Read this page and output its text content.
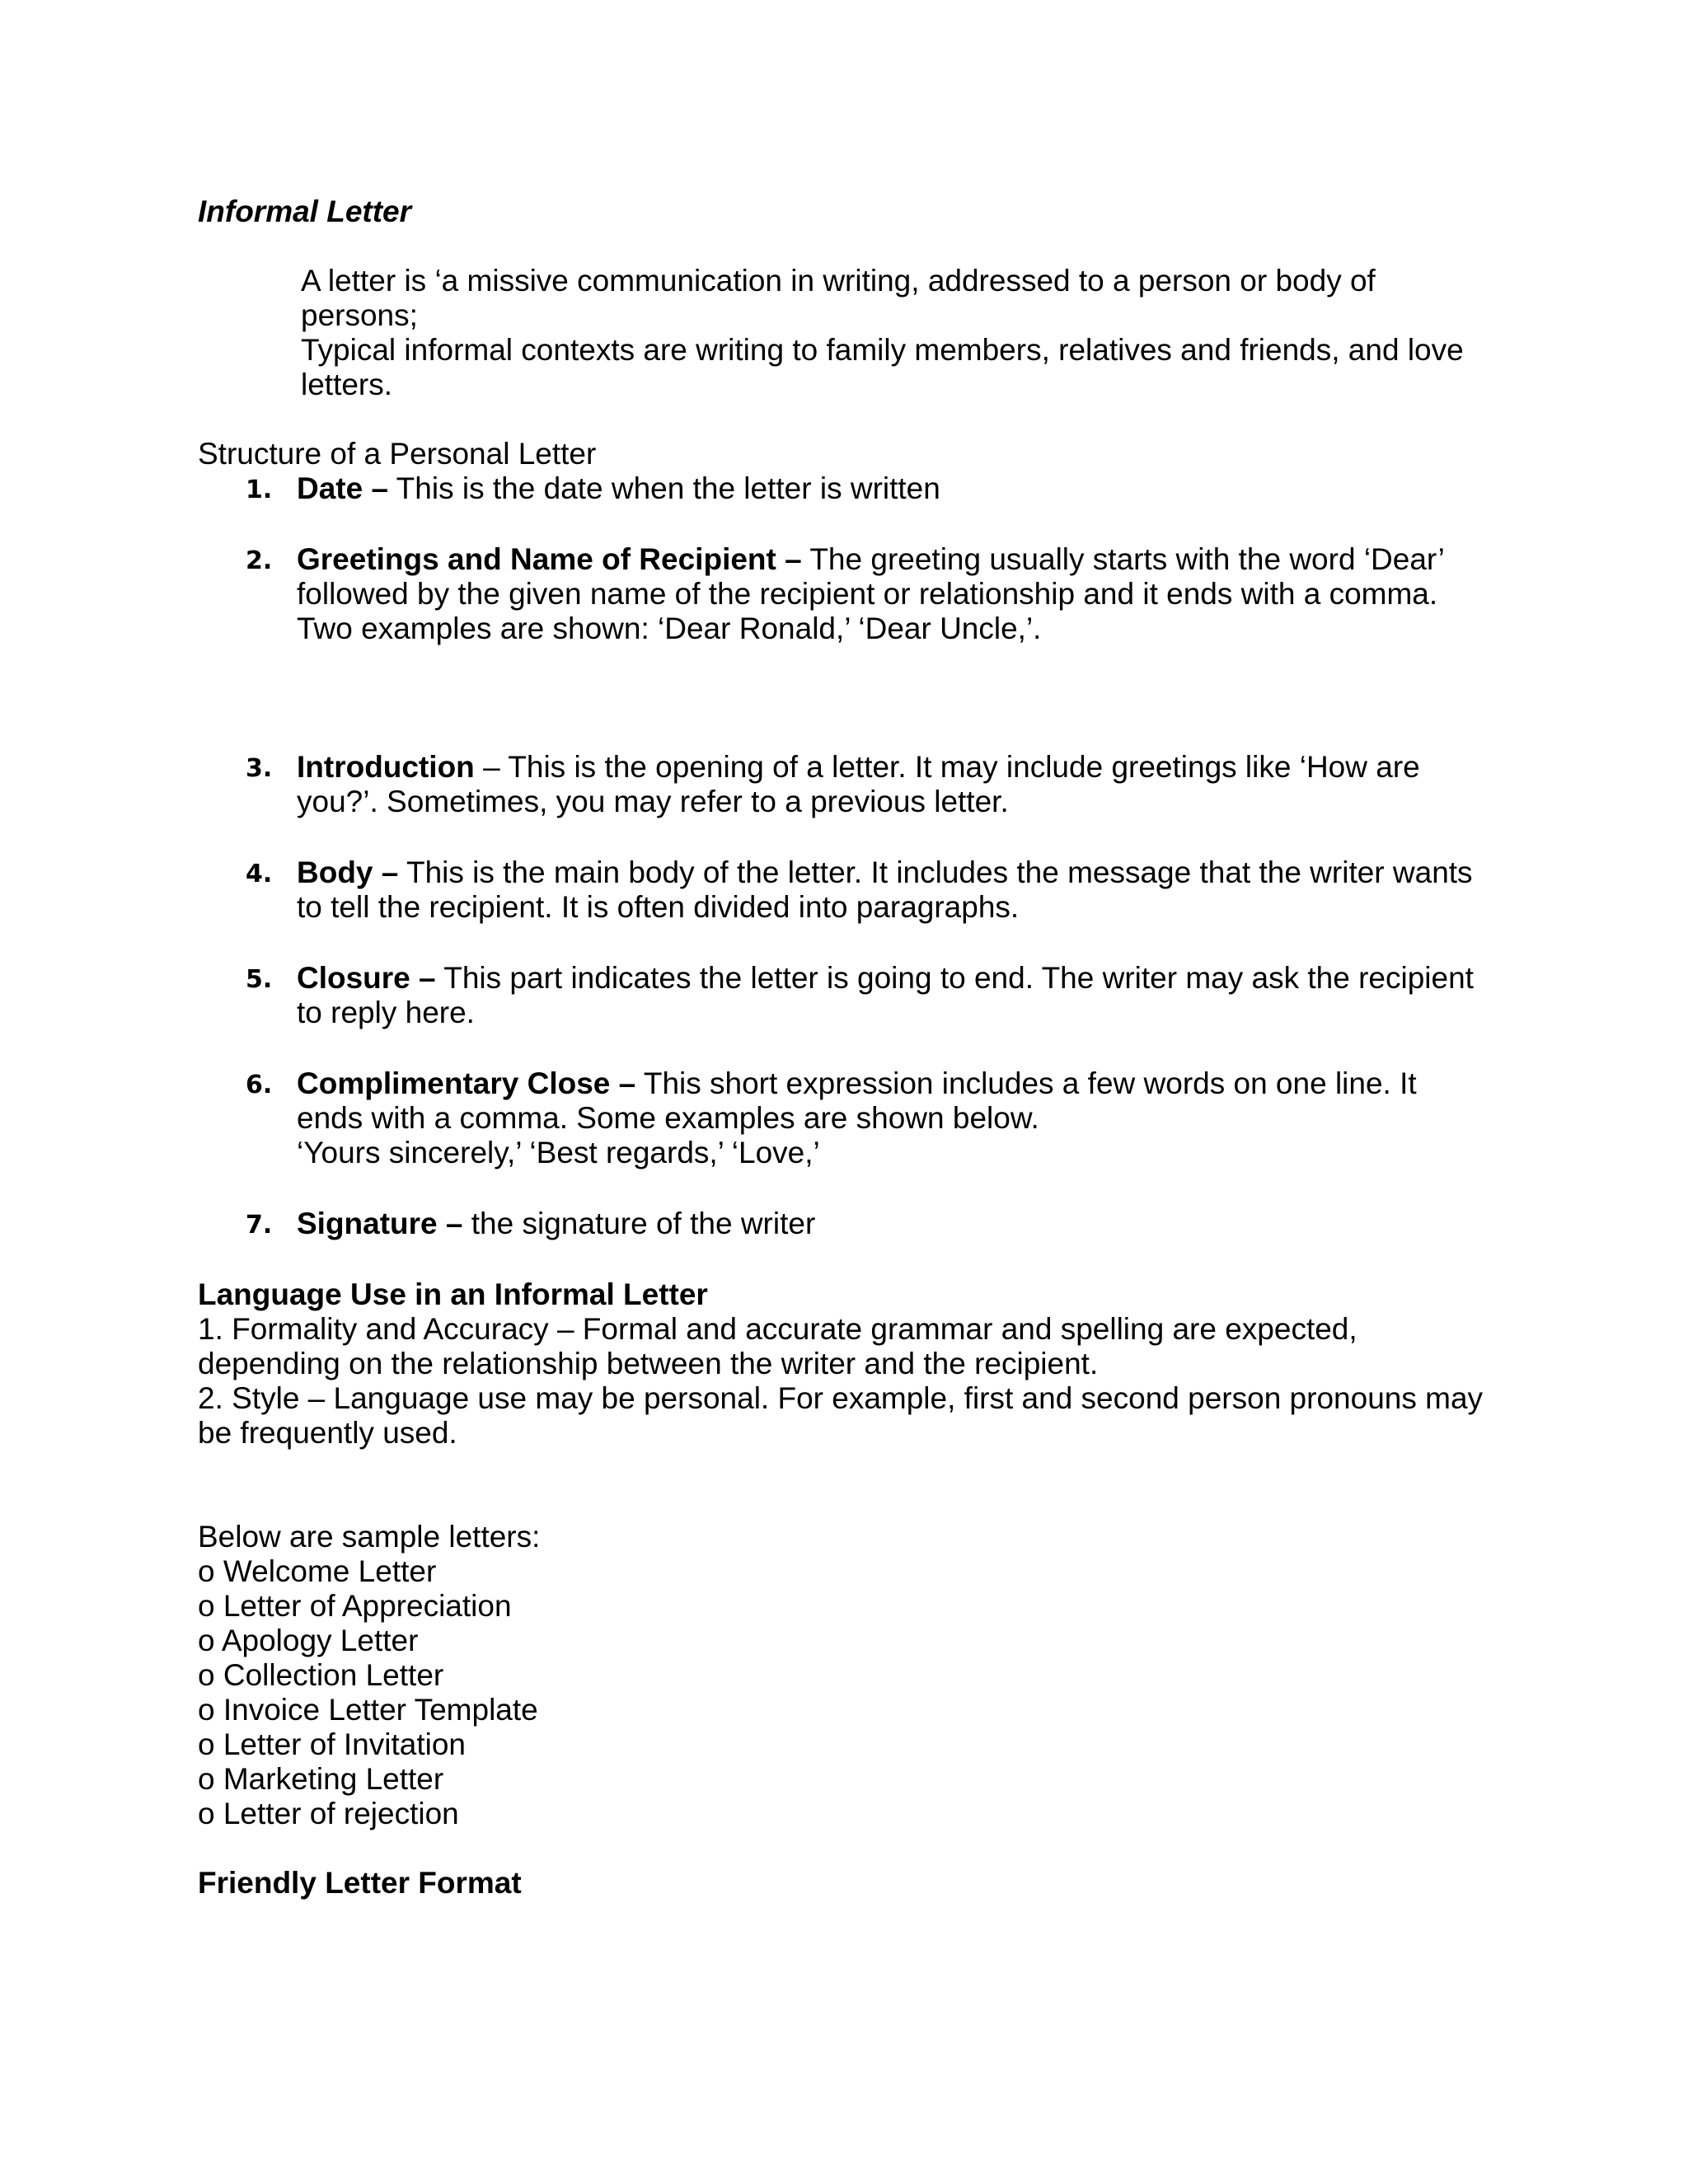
Informal Letter

A letter is ‘a missive communication in writing, addressed to a person or body of persons;

Typical informal contexts are writing to family members, relatives and friends, and love letters.

Structure of a Personal Letter

1. Date – This is the date when the letter is written
2. Greetings and Name of Recipient – The greeting usually starts with the word ‘Dear’ followed by the given name of the recipient or relationship and it ends with a comma. Two examples are shown: ‘Dear Ronald,’ ‘Dear Uncle,’.
3. Introduction – This is the opening of a letter. It may include greetings like ‘How are you?’. Sometimes, you may refer to a previous letter.
4. Body – This is the main body of the letter. It includes the message that the writer wants to tell the recipient. It is often divided into paragraphs.
5. Closure – This part indicates the letter is going to end. The writer may ask the recipient to reply here.
6. Complimentary Close – This short expression includes a few words on one line. It ends with a comma. Some examples are shown below.
‘Yours sincerely,’ ‘Best regards,’ ‘Love,’
7. Signature – the signature of the writer

Language Use in an Informal Letter

1. Formality and Accuracy – Formal and accurate grammar and spelling are expected, depending on the relationship between the writer and the recipient.

2. Style – Language use may be personal. For example, first and second person pronouns may be frequently used.

Below are sample letters:

o Welcome Letter

o Letter of Appreciation

o Apology Letter

o Collection Letter

o Invoice Letter Template

o Letter of Invitation

o Marketing Letter

o Letter of rejection

Friendly Letter Format
